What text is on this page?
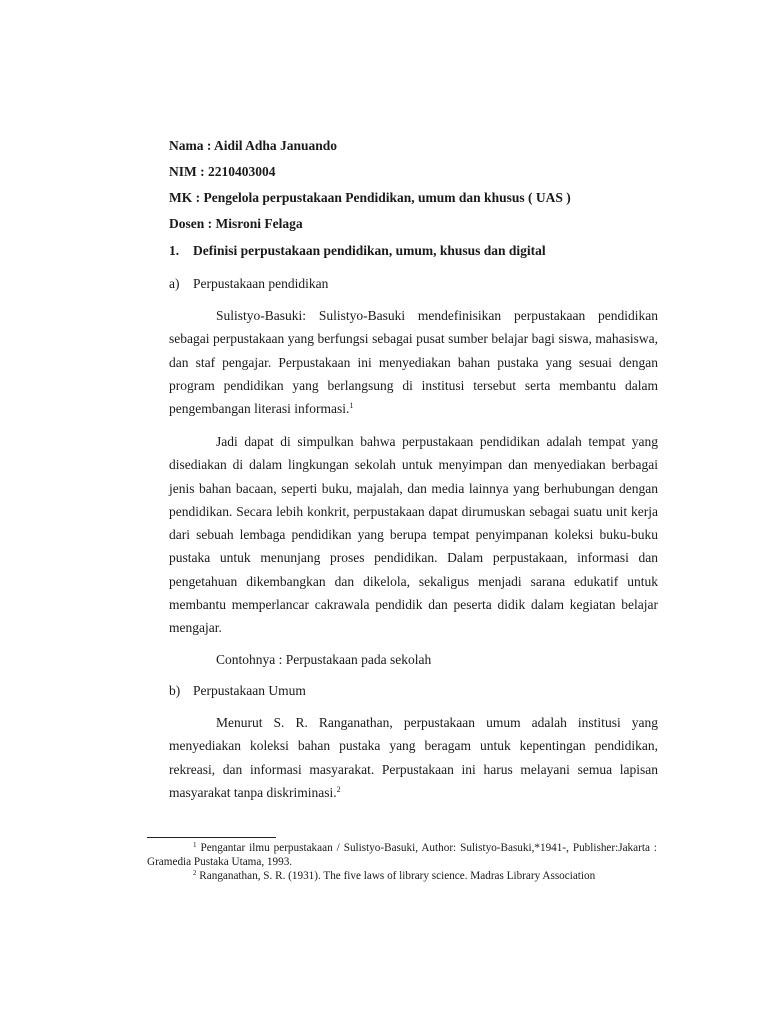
Nama : Aidil Adha Januando
NIM : 2210403004
MK : Pengelola perpustakaan Pendidikan, umum dan khusus ( UAS )
Dosen : Misroni Felaga
1. Definisi perpustakaan pendidikan, umum, khusus dan digital
a) Perpustakaan pendidikan

Sulistyo-Basuki: Sulistyo-Basuki mendefinisikan perpustakaan pendidikan sebagai perpustakaan yang berfungsi sebagai pusat sumber belajar bagi siswa, mahasiswa, dan staf pengajar. Perpustakaan ini menyediakan bahan pustaka yang sesuai dengan program pendidikan yang berlangsung di institusi tersebut serta membantu dalam pengembangan literasi informasi.$^1$

Jadi dapat di simpulkan bahwa perpustakaan pendidikan adalah tempat yang disediakan di dalam lingkungan sekolah untuk menyimpan dan menyediakan berbagai jenis bahan bacaan, seperti buku, majalah, dan media lainnya yang berhubungan dengan pendidikan. Secara lebih konkrit, perpustakaan dapat dirumuskan sebagai suatu unit kerja dari sebuah lembaga pendidikan yang berupa tempat penyimpanan koleksi buku-buku pustaka untuk menunjang proses pendidikan. Dalam perpustakaan, informasi dan pengetahuan dikembangkan dan dikelola, sekaligus menjadi sarana edukatif untuk membantu memperlancar cakrawala pendidik dan peserta didik dalam kegiatan belajar mengajar.

Contohnya : Perpustakaan pada sekolah
b) Perpustakaan Umum

Menurut S. R. Ranganathan, perpustakaan umum adalah institusi yang menyediakan koleksi bahan pustaka yang beragam untuk kepentingan pendidikan, rekreasi, dan informasi masyarakat. Perpustakaan ini harus melayani semua lapisan masyarakat tanpa diskriminasi.$^2$

$^1$ Pengantar ilmu perpustakaan / Sulistyo-Basuki, Author: Sulistyo-Basuki,*1941-, Publisher:Jakarta : Gramedia Pustaka Utama, 1993.

$^2$ Ranganathan, S. R. (1931). The five laws of library science. Madras Library Association
